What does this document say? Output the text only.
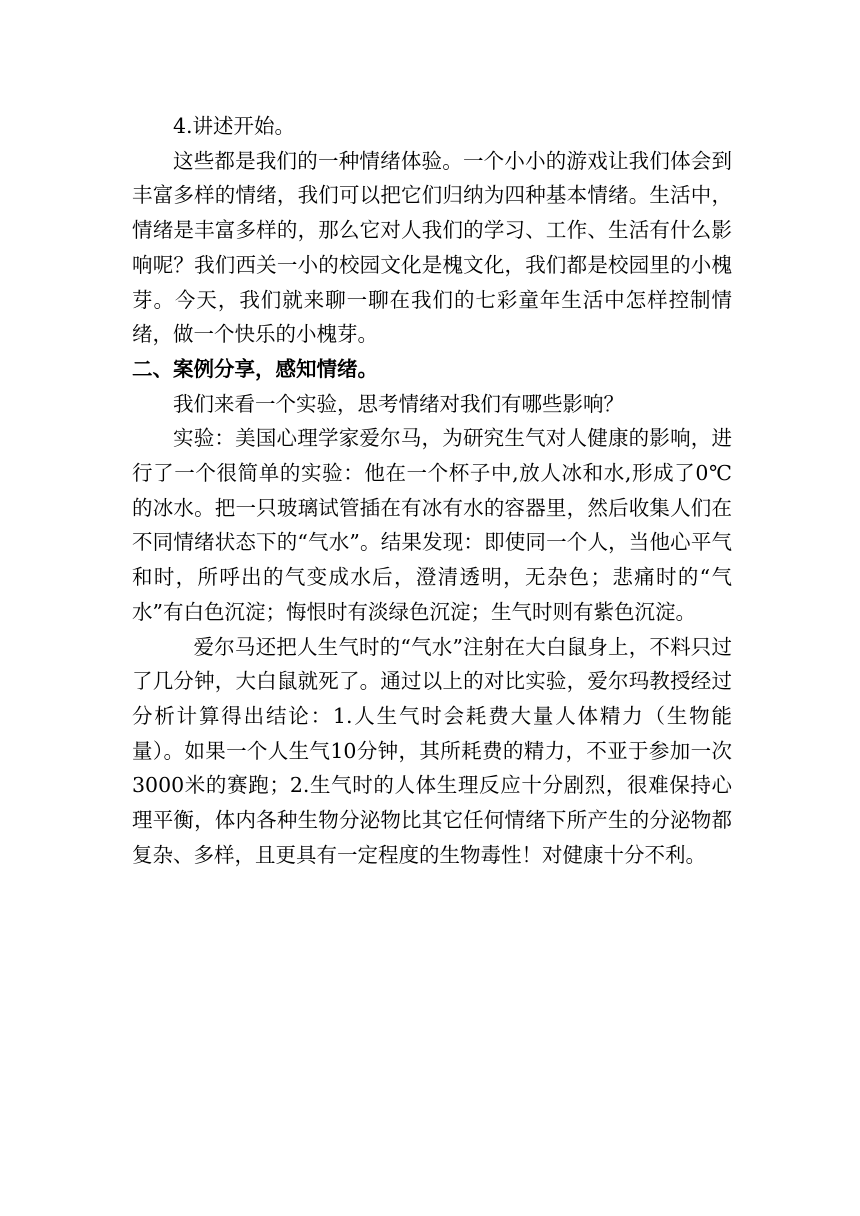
4.讲述开始。

这些都是我们的一种情绪体验。一个小小的游戏让我们体会到丰富多样的情绪，我们可以把它们归纳为四种基本情绪。生活中，情绪是丰富多样的，那么它对人我们的学习、工作、生活有什么影响呢？我们西关一小的校园文化是槐文化，我们都是校园里的小槐芽。今天，我们就来聊一聊在我们的七彩童年生活中怎样控制情绪，做一个快乐的小槐芽。

二、案例分享，感知情绪。

我们来看一个实验，思考情绪对我们有哪些影响？

实验：美国心理学家爱尔马，为研究生气对人健康的影响，进行了一个很简单的实验：他在一个杯子中,放人冰和水,形成了0℃的冰水。把一只玻璃试管插在有冰有水的容器里，然后收集人们在不同情绪状态下的“气水”。结果发现：即使同一个人，当他心平气和时，所呼出的气变成水后，澄清透明，无杂色；悲痛时的“气水”有白色沉淀；悔恨时有淡绿色沉淀；生气时则有紫色沉淀。

爱尔马还把人生气时的“气水”注射在大白鼠身上，不料只过了几分钟，大白鼠就死了。通过以上的对比实验，爱尔玛教授经过分析计算得出结论：1.人生气时会耗费大量人体精力（生物能量）。如果一个人生气10分钟，其所耗费的精力，不亚于参加一次3000米的赛跑；2.生气时的人体生理反应十分剧烈，很难保持心理平衡，体内各种生物分泌物比其它任何情绪下所产生的分泌物都复杂、多样，且更具有一定程度的生物毒性！对健康十分不利。
